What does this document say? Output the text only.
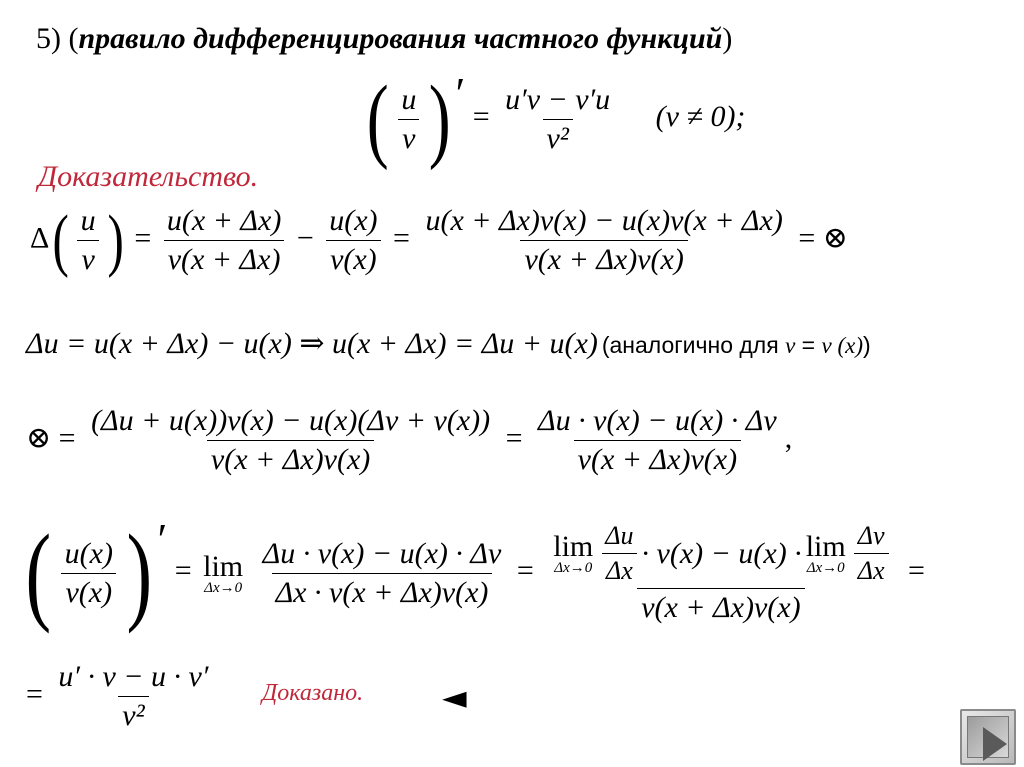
5) (правило дифференцирования частного функций)
( $\frac{u}{v}$ ) ′ = $\frac{u'v - v'u}{\text{v²}} (v \ne 0)$;
Доказательство.
$\Delta( \frac{u}{v}$ ) = $\frac{u(x + \Delta x)}{v(x + \Delta x)} - \frac{u(x)}{v(x)} = \frac{u(x + \Delta x)v(x) - u(x)v(x + \Delta x)}{v(x + \Delta x)v(x)}$ = ⊗
Δu = u(x + Δx) − u(x) ⇒ u(x + Δx) = Δu + u(x) (аналогично для v = v (x))
⊗ = $\frac{(\Delta u + u(x))v(x) - u(x)(\Delta v + v(x))}{v(x + \Delta x)v(x)} = \frac{\Delta u \cdot v(x) - u(x) \cdot \Delta v}{v(x + \Delta x)v(x)}$ ,
( $\frac{u(x)}{v(x)}$ ) ′ = lim
Δx→0
$\frac{\Delta u \cdot v(x) - u(x) \cdot \Delta v}{\Delta x \cdot v(x + \Delta x)v(x)}$ =
lim
$\Delta x\to 0 \frac{\Delta u}{\Delta x} \cdot v(x) - u(x) \cdot \lim$
$\Delta x\to 0 \frac{\Delta v}{\Delta x}$
v(x + Δx)v(x)
=
= $\frac{u' \cdot v - u \cdot v'}{\text{v²}}$ Доказано. ◄
